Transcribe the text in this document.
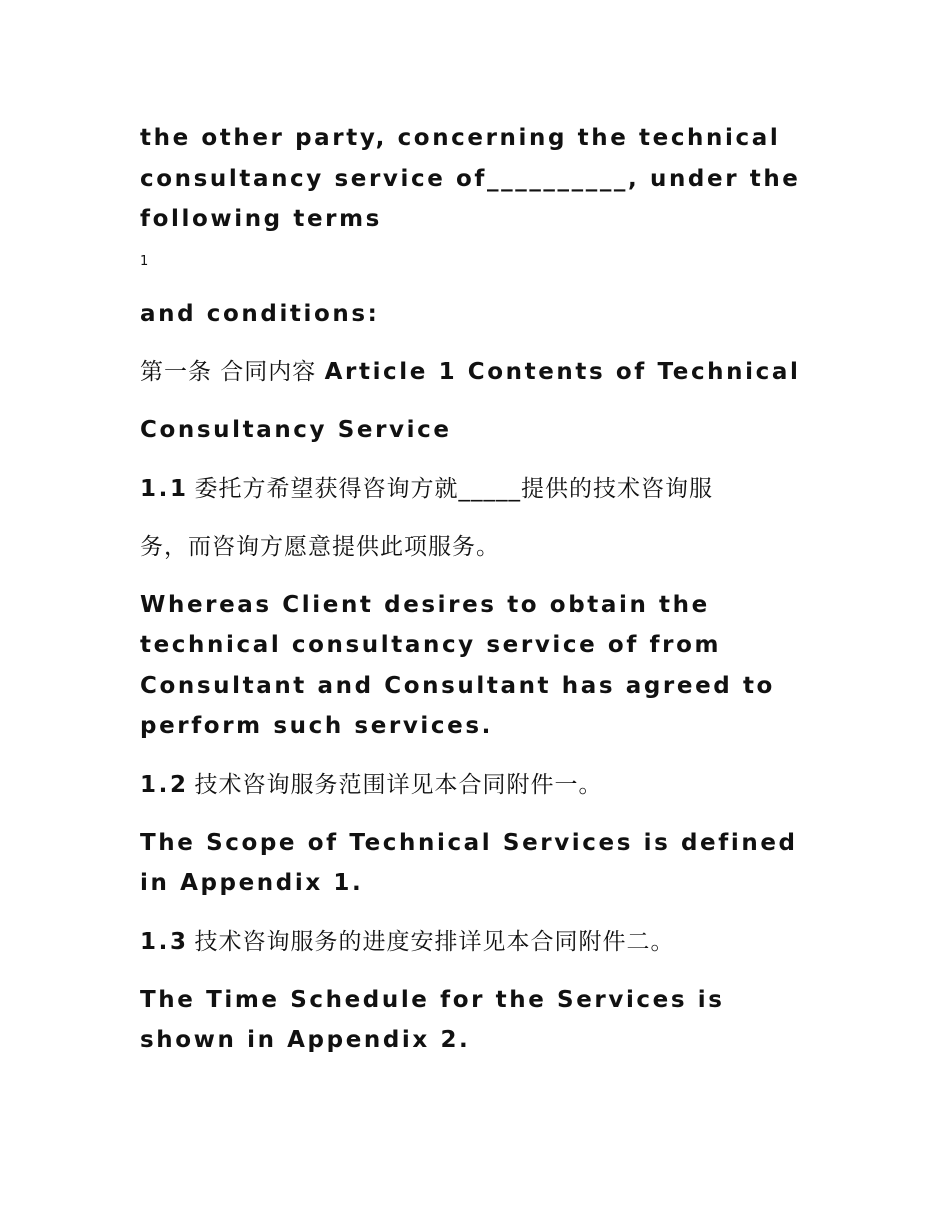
the other party, concerning the technical consultancy service of__________, under the following terms

1

and conditions:

第一条 合同内容 Article 1 Contents of Technical

Consultancy Service

1.1 委托方希望获得咨询方就_____提供的技术咨询服

务，而咨询方愿意提供此项服务。

Whereas Client desires to obtain the technical consultancy service of from Consultant and Consultant has agreed to perform such services.

1.2 技术咨询服务范围详见本合同附件一。

The Scope of Technical Services is defined in Appendix 1.

1.3 技术咨询服务的进度安排详见本合同附件二。

The Time Schedule for the Services is shown in Appendix 2.
